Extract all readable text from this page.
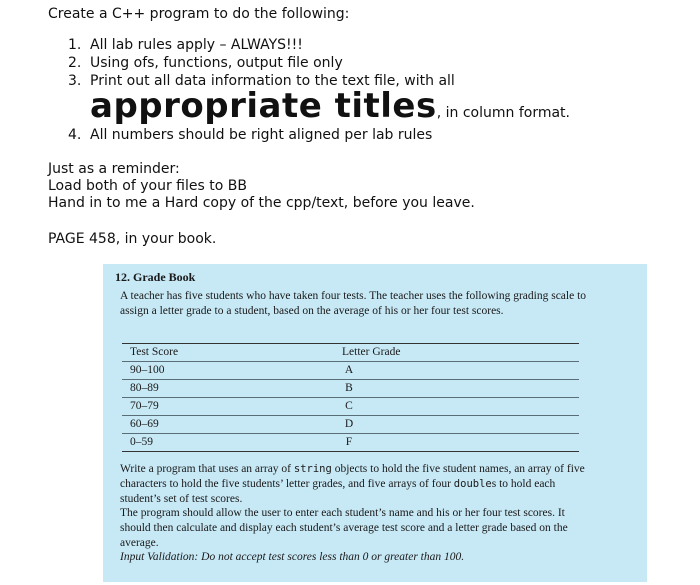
Create a C++ program to do the following:
1. All lab rules apply – ALWAYS!!!
2. Using ofs, functions, output file only
3. Print out all data information to the text file, with all
appropriate titles, in column format.
4. All numbers should be right aligned per lab rules
Just as a reminder:
Load both of your files to BB
Hand in to me a Hard copy of the cpp/text, before you leave.
PAGE 458, in your book.
12. Grade Book

A teacher has five students who have taken four tests. The teacher uses the following grading scale to assign a letter grade to a student, based on the average of his or her four test scores.

Test Score	Letter Grade
90–100	A
80–89	B
70–79	C
60–69	D
0–59	F

Write a program that uses an array of string objects to hold the five student names, an array of five characters to hold the five students’ letter grades, and five arrays of four doubles to hold each student’s set of test scores.

The program should allow the user to enter each student’s name and his or her four test scores. It should then calculate and display each student’s average test score and a letter grade based on the average.

Input Validation: Do not accept test scores less than 0 or greater than 100.
